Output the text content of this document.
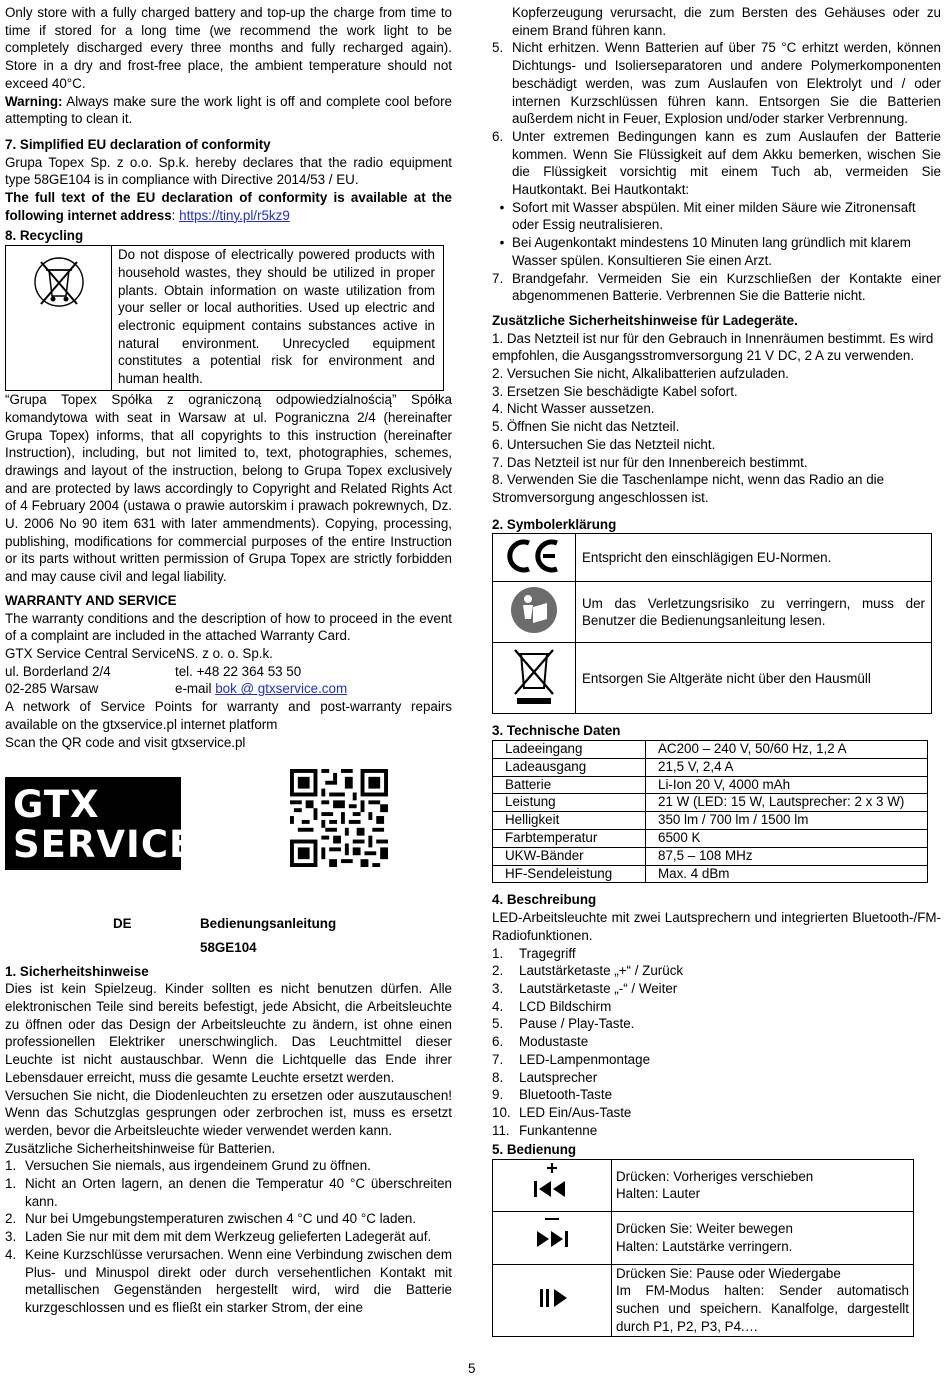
Only store with a fully charged battery and top-up the charge from time to time if stored for a long time (we recommend the work light to be completely discharged every three months and fully recharged again). Store in a dry and frost-free place, the ambient temperature should not exceed 40°C.

Warning: Always make sure the work light is off and complete cool before attempting to clean it.

7. Simplified EU declaration of conformity

Grupa Topex Sp. z o.o. Sp.k. hereby declares that the radio equipment type 58GE104 is in compliance with Directive 2014/53 / EU.

The full text of the EU declaration of conformity is available at the following internet address: https://tiny.pl/r5kz9

8. Recycling

Do not dispose of electrically powered products with household wastes, they should be utilized in proper plants. Obtain information on waste utilization from your seller or local authorities. Used up electric and electronic equipment contains substances active in natural environment. Unrecycled equipment constitutes a potential risk for environment and human health.

“Grupa Topex Spółka z ograniczoną odpowiedzialnością” Spółka komandytowa with seat in Warsaw at ul. Pograniczna 2/4 (hereinafter Grupa Topex) informs, that all copyrights to this instruction (hereinafter Instruction), including, but not limited to, text, photographies, schemes, drawings and layout of the instruction, belong to Grupa Topex exclusively and are protected by laws accordingly to Copyright and Related Rights Act of 4 February 2004 (ustawa o prawie autorskim i prawach pokrewnych, Dz. U. 2006 No 90 item 631 with later ammendments). Copying, processing, publishing, modifications for commercial purposes of the entire Instruction or its parts without written permission of Grupa Topex are strictly forbidden and may cause civil and legal liability.

WARRANTY AND SERVICE

The warranty conditions and the description of how to proceed in the event of a complaint are included in the attached Warranty Card.

GTX Service Central ServiceNS. z o. o. Sp.k.

ul. Borderland 2/4	tel. +48 22 364 53 50
02-285 Warsaw	e-mail bok @ gtxservice.com

A network of Service Points for warranty and post-warranty repairs available on the gtxservice.pl internet platform

Scan the QR code and visit gtxservice.pl

GTX
SERVICE
DE	Bedienungsanleitung

58GE104

1. Sicherheitshinweise

Dies ist kein Spielzeug. Kinder sollten es nicht benutzen dürfen. Alle elektronischen Teile sind bereits befestigt, jede Absicht, die Arbeitsleuchte zu öffnen oder das Design der Arbeitsleuchte zu ändern, ist ohne einen professionellen Elektriker unerschwinglich. Das Leuchtmittel dieser Leuchte ist nicht austauschbar. Wenn die Lichtquelle das Ende ihrer Lebensdauer erreicht, muss die gesamte Leuchte ersetzt werden.

Versuchen Sie nicht, die Diodenleuchten zu ersetzen oder auszutauschen! Wenn das Schutzglas gesprungen oder zerbrochen ist, muss es ersetzt werden, bevor die Arbeitsleuchte wieder verwendet werden kann.

Zusätzliche Sicherheitshinweise für Batterien.

1. Versuchen Sie niemals, aus irgendeinem Grund zu öffnen.
1. Nicht an Orten lagern, an denen die Temperatur 40 °C überschreiten kann.
2. Nur bei Umgebungstemperaturen zwischen 4 °C und 40 °C laden.
3. Laden Sie nur mit dem mit dem Werkzeug gelieferten Ladegerät auf.
4. Keine Kurzschlüsse verursachen. Wenn eine Verbindung zwischen dem Plus- und Minuspol direkt oder durch versehentlichen Kontakt mit metallischen Gegenständen hergestellt wird, wird die Batterie kurzgeschlossen und es fließt ein starker Strom, der eine
Kopferzeugung verursacht, die zum Bersten des Gehäuses oder zu einem Brand führen kann.
5. Nicht erhitzen. Wenn Batterien auf über 75 °C erhitzt werden, können Dichtungs- und Isolierseparatoren und andere Polymerkomponenten beschädigt werden, was zum Auslaufen von Elektrolyt und / oder internen Kurzschlüssen führen kann. Entsorgen Sie die Batterien außerdem nicht in Feuer, Explosion und/oder starker Verbrennung.
6. Unter extremen Bedingungen kann es zum Auslaufen der Batterie kommen. Wenn Sie Flüssigkeit auf dem Akku bemerken, wischen Sie die Flüssigkeit vorsichtig mit einem Tuch ab, vermeiden Sie Hautkontakt. Bei Hautkontakt:
• Sofort mit Wasser abspülen. Mit einer milden Säure wie Zitronensaft oder Essig neutralisieren.
• Bei Augenkontakt mindestens 10 Minuten lang gründlich mit klarem Wasser spülen. Konsultieren Sie einen Arzt.
7. Brandgefahr. Vermeiden Sie ein Kurzschließen der Kontakte einer abgenommenen Batterie. Verbrennen Sie die Batterie nicht.

Zusätzliche Sicherheitshinweise für Ladegeräte.

1. Das Netzteil ist nur für den Gebrauch in Innenräumen bestimmt. Es wird empfohlen, die Ausgangsstromversorgung 21 V DC, 2 A zu verwenden.

2. Versuchen Sie nicht, Alkalibatterien aufzuladen.

3. Ersetzen Sie beschädigte Kabel sofort.

4. Nicht Wasser aussetzen.

5. Öffnen Sie nicht das Netzteil.

6. Untersuchen Sie das Netzteil nicht.

7. Das Netzteil ist nur für den Innenbereich bestimmt.

8. Verwenden Sie die Taschenlampe nicht, wenn das Radio an die Stromversorgung angeschlossen ist.

2. Symbolerklärung

	Entspricht den einschlägigen EU-Normen.
	Um das Verletzungsrisiko zu verringern, muss der Benutzer die Bedienungsanleitung lesen.
	Entsorgen Sie Altgeräte nicht über den Hausmüll

3. Technische Daten

Ladeeingang	AC200 – 240 V, 50/60 Hz, 1,2 A
Ladeausgang	21,5 V, 2,4 A
Batterie	Li-Ion 20 V, 4000 mAh
Leistung	21 W (LED: 15 W, Lautsprecher: 2 x 3 W)
Helligkeit	350 lm / 700 lm / 1500 lm
Farbtemperatur	6500 K
UKW-Bänder	87,5 – 108 MHz
HF-Sendeleistung	Max. 4 dBm

4. Beschreibung

LED-Arbeitsleuchte mit zwei Lautsprechern und integrierten Bluetooth-/FM-Radiofunktionen.

1.	Tragegriff
2.	Lautstärketaste „+“ / Zurück
3.	Lautstärketaste „-“ / Weiter
4.	LCD Bildschirm
5.	Pause / Play-Taste.
6.	Modustaste
7.	LED-Lampenmontage
8.	Lautsprecher
9.	Bluetooth-Taste
10. LED Ein/Aus-Taste
11. Funkantenne

5. Bedienung

Drücken: Vorheriges verschieben
Halten: Lauter

Drücken Sie: Weiter bewegen
Halten: Lautstärke verringern.

Drücken Sie: Pause oder Wiedergabe
Im FM-Modus halten: Sender automatisch suchen und speichern. Kanalfolge, dargestellt durch P1, P2, P3, P4.…
5
